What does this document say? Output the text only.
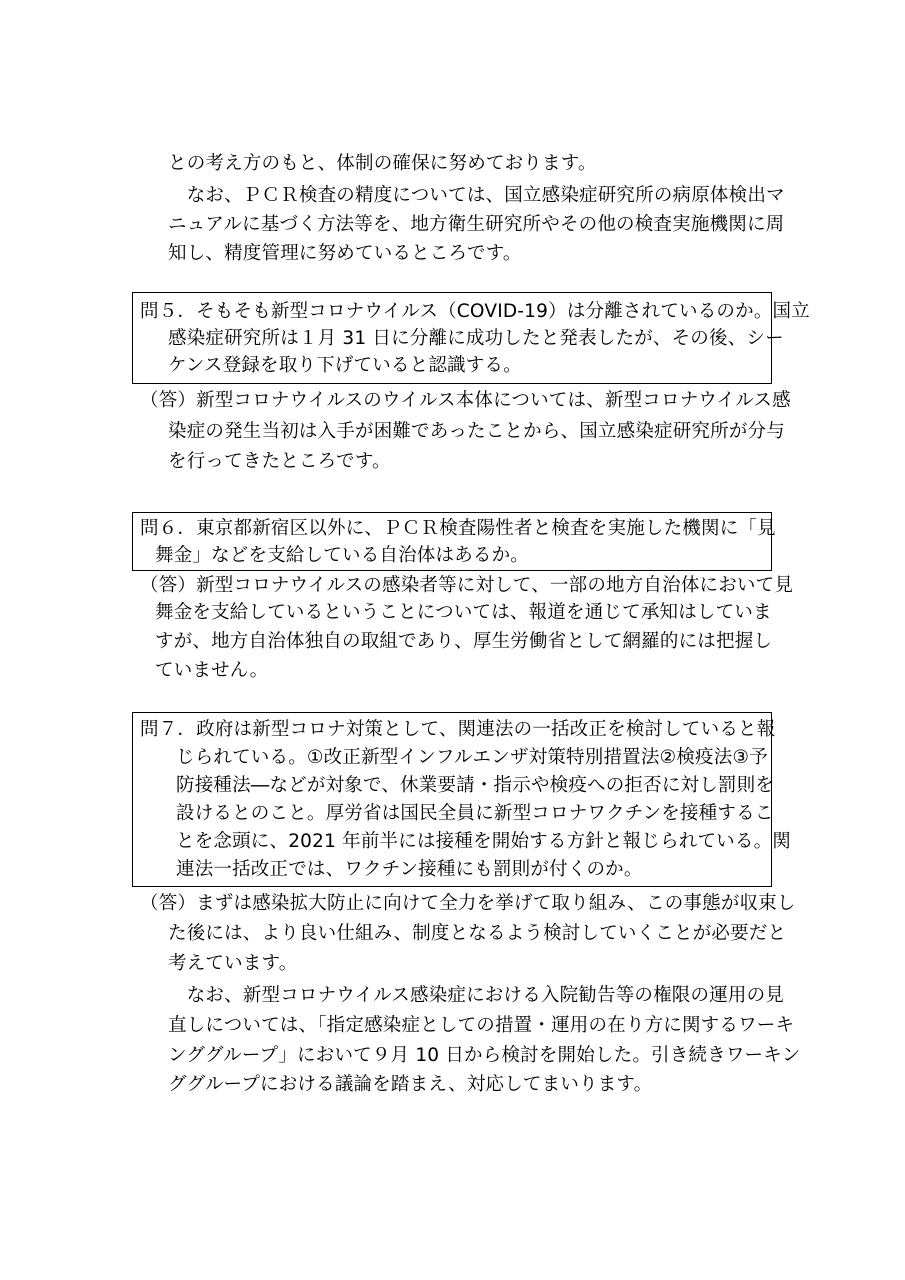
との考え方のもと、体制の確保に努めております。
　なお、ＰＣＲ検査の精度については、国立感染症研究所の病原体検出マ
ニュアルに基づく方法等を、地方衛生研究所やその他の検査実施機関に周
知し、精度管理に努めているところです。
問５．そもそも新型コロナウイルス（COVID-19）は分離されているのか。国立
感染症研究所は１月 31 日に分離に成功したと発表したが、その後、シー
ケンス登録を取り下げていると認識する。
（答）新型コロナウイルスのウイルス本体については、新型コロナウイルス感
染症の発生当初は入手が困難であったことから、国立感染症研究所が分与
を行ってきたところです。
問６．東京都新宿区以外に、ＰＣＲ検査陽性者と検査を実施した機関に「見
舞金」などを支給している自治体はあるか。
（答）新型コロナウイルスの感染者等に対して、一部の地方自治体において見
舞金を支給しているということについては、報道を通じて承知はしていま
すが、地方自治体独自の取組であり、厚生労働省として網羅的には把握し
ていません。
問７．政府は新型コロナ対策として、関連法の一括改正を検討していると報
じられている。①改正新型インフルエンザ対策特別措置法②検疫法③予
防接種法―などが対象で、休業要請・指示や検疫への拒否に対し罰則を
設けるとのこと。厚労省は国民全員に新型コロナワクチンを接種するこ
とを念頭に、2021 年前半には接種を開始する方針と報じられている。関
連法一括改正では、ワクチン接種にも罰則が付くのか。
（答）まずは感染拡大防止に向けて全力を挙げて取り組み、この事態が収束し
た後には、より良い仕組み、制度となるよう検討していくことが必要だと
考えています。
　なお、新型コロナウイルス感染症における入院勧告等の権限の運用の見
直しについては、「指定感染症としての措置・運用の在り方に関するワーキ
ンググループ」において９月 10 日から検討を開始した。引き続きワーキン
ググループにおける議論を踏まえ、対応してまいります。
